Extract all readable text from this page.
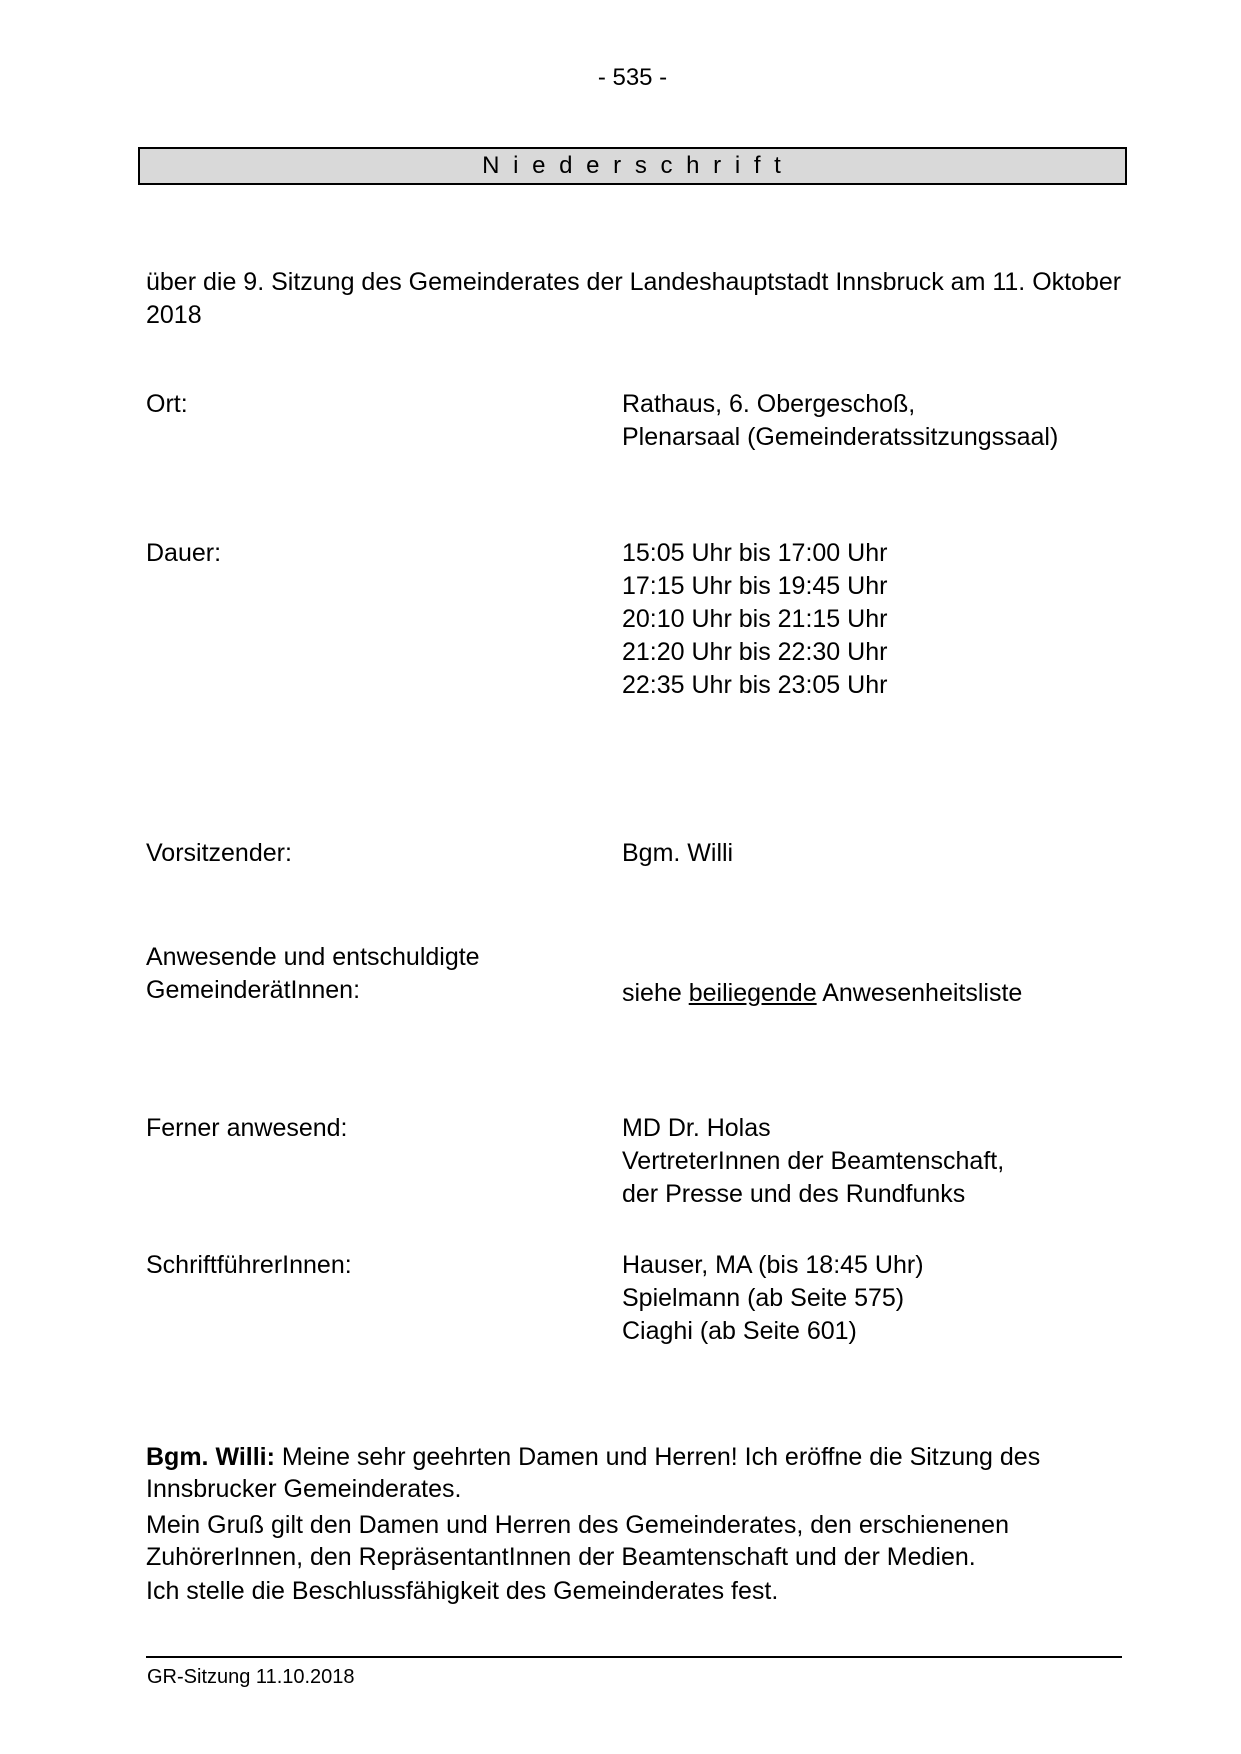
- 535 -
N i e d e r s c h r i f t
über die 9. Sitzung des Gemeinderates der Landeshauptstadt Innsbruck am 11. Oktober 2018
Ort:	Rathaus, 6. Obergeschoß,
Plenarsaal (Gemeinderatssitzungssaal)
Dauer:	15:05 Uhr bis 17:00 Uhr
17:15 Uhr bis 19:45 Uhr
20:10 Uhr bis 21:15 Uhr
21:20 Uhr bis 22:30 Uhr
22:35 Uhr bis 23:05 Uhr
Vorsitzender:	Bgm. Willi
Anwesende und entschuldigte
GemeinderätInnen:	siehe beiliegende Anwesenheitsliste
Ferner anwesend:	MD Dr. Holas
VertreterInnen der Beamtenschaft,
der Presse und des Rundfunks
SchriftführerInnen:	Hauser, MA (bis 18:45 Uhr)
Spielmann (ab Seite 575)
Ciaghi (ab Seite 601)
Bgm. Willi: Meine sehr geehrten Damen und Herren! Ich eröffne die Sitzung des Innsbrucker Gemeinderates.
Mein Gruß gilt den Damen und Herren des Gemeinderates, den erschienenen ZuhörerInnen, den RepräsentantInnen der Beamtenschaft und der Medien.
Ich stelle die Beschlussfähigkeit des Gemeinderates fest.
GR-Sitzung 11.10.2018
